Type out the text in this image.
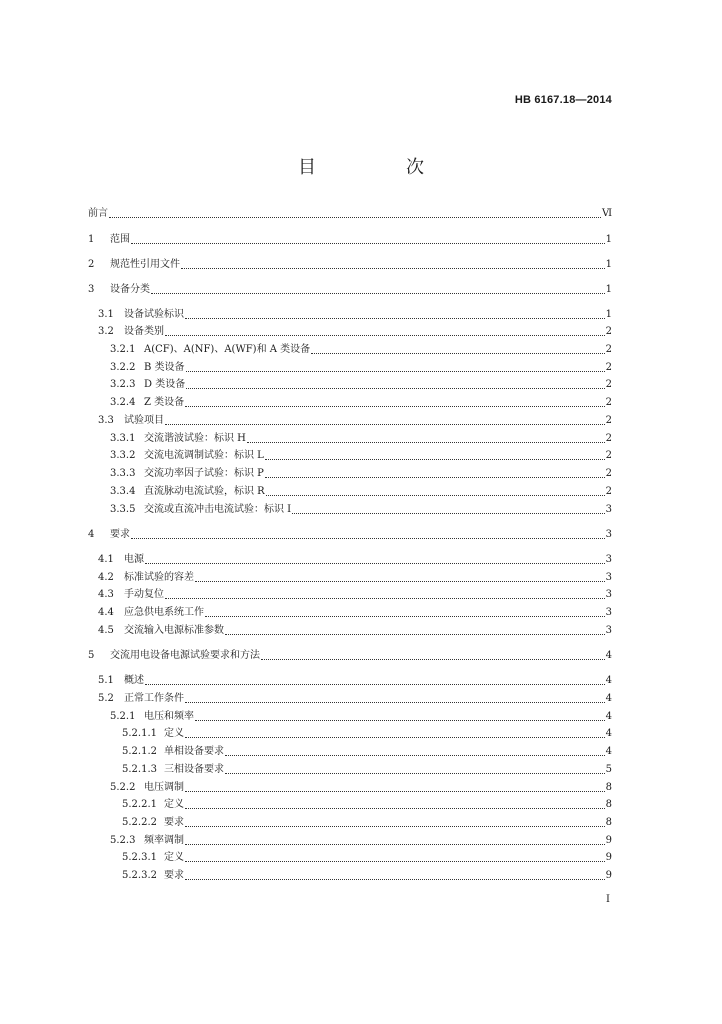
HB 6167.18—2014
目　次
前言	Ⅵ
1	范围	1
2	规范性引用文件	1
3	设备分类	1
3.1	设备试验标识	1
3.2	设备类别	2
3.2.1 A(CF)、A(NF)、A(WF)和 A 类设备	2
3.2.2 B 类设备	2
3.2.3 D 类设备	2
3.2.4 Z 类设备	2
3.3	试验项目	2
3.3.1 交流谐波试验：标识 H	2
3.3.2 交流电流调制试验：标识 L	2
3.3.3 交流功率因子试验：标识 P	2
3.3.4 直流脉动电流试验，标识 R	2
3.3.5 交流或直流冲击电流试验：标识 I	3
4	要求	3
4.1	电源	3
4.2	标准试验的容差	3
4.3	手动复位	3
4.4	应急供电系统工作	3
4.5	交流输入电源标准参数	3
5	交流用电设备电源试验要求和方法	4
5.1	概述	4
5.2	正常工作条件	4
5.2.1 电压和频率	4
5.2.1.1 定义	4
5.2.1.2 单相设备要求	4
5.2.1.3 三相设备要求	5
5.2.2 电压调制	8
5.2.2.1 定义	8
5.2.2.2 要求	8
5.2.3 频率调制	9
5.2.3.1 定义	9
5.2.3.2 要求	9
I
